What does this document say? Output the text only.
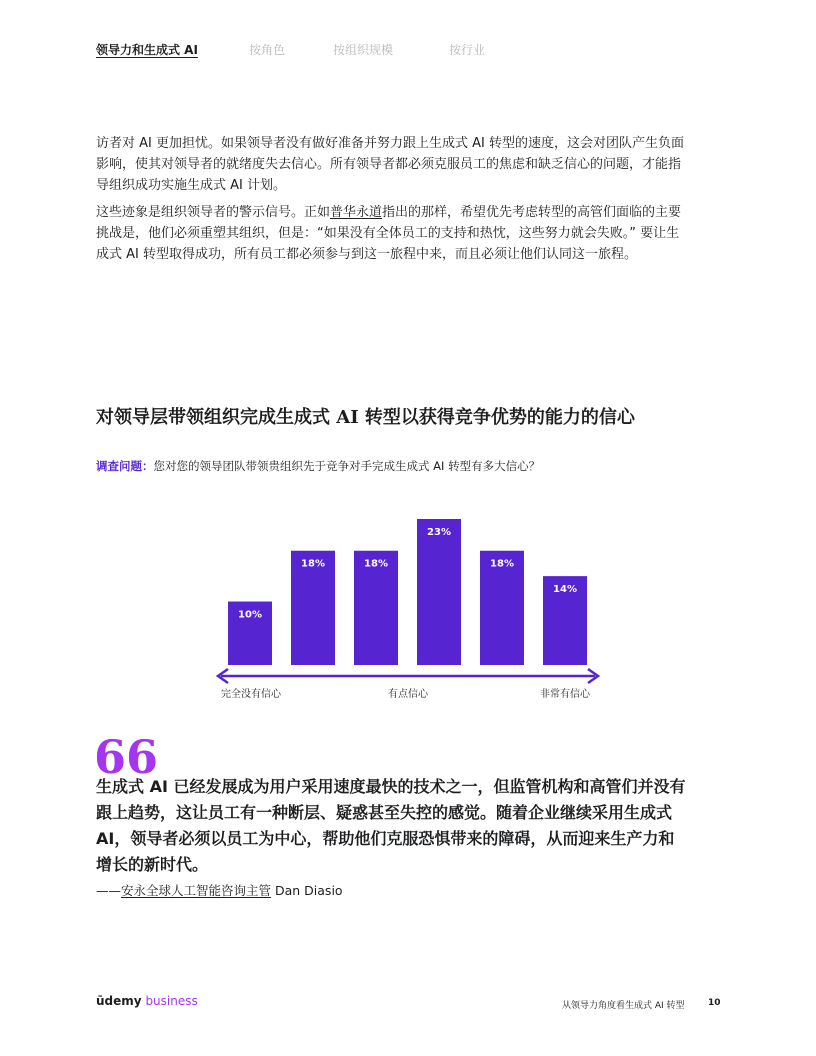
领导力和生成式 AI	按角色	按组织规模	按行业

访者对 AI 更加担忧。如果领导者没有做好准备并努力跟上生成式 AI 转型的速度，这会对团队产生负面影响，使其对领导者的就绪度失去信心。所有领导者都必须克服员工的焦虑和缺乏信心的问题，才能指导组织成功实施生成式 AI 计划。

这些迹象是组织领导者的警示信号。正如普华永道指出的那样，希望优先考虑转型的高管们面临的主要挑战是，他们必须重塑其组织，但是：“如果没有全体员工的支持和热忱，这些努力就会失败。” 要让生成式 AI 转型取得成功，所有员工都必须参与到这一旅程中来，而且必须让他们认同这一旅程。

对领导层带领组织完成生成式 AI 转型以获得竞争优势的能力的信心
调查问题：您对您的领导团队带领贵组织先于竞争对手完成生成式 AI 转型有多大信心？
10%
18%	18%
23%
18%
14%
完全没有信心	有点信心	非常有信心
66

生成式 AI 已经发展成为用户采用速度最快的技术之一，但监管机构和高管们并没有跟上趋势，这让员工有一种断层、疑惑甚至失控的感觉。随着企业继续采用生成式 AI，领导者必须以员工为中心，帮助他们克服恐惧带来的障碍，从而迎来生产力和增长的新时代。

——安永全球人工智能咨询主管 Dan Diasio
ūdemy business	从领导力角度看生成式 AI 转型	10
